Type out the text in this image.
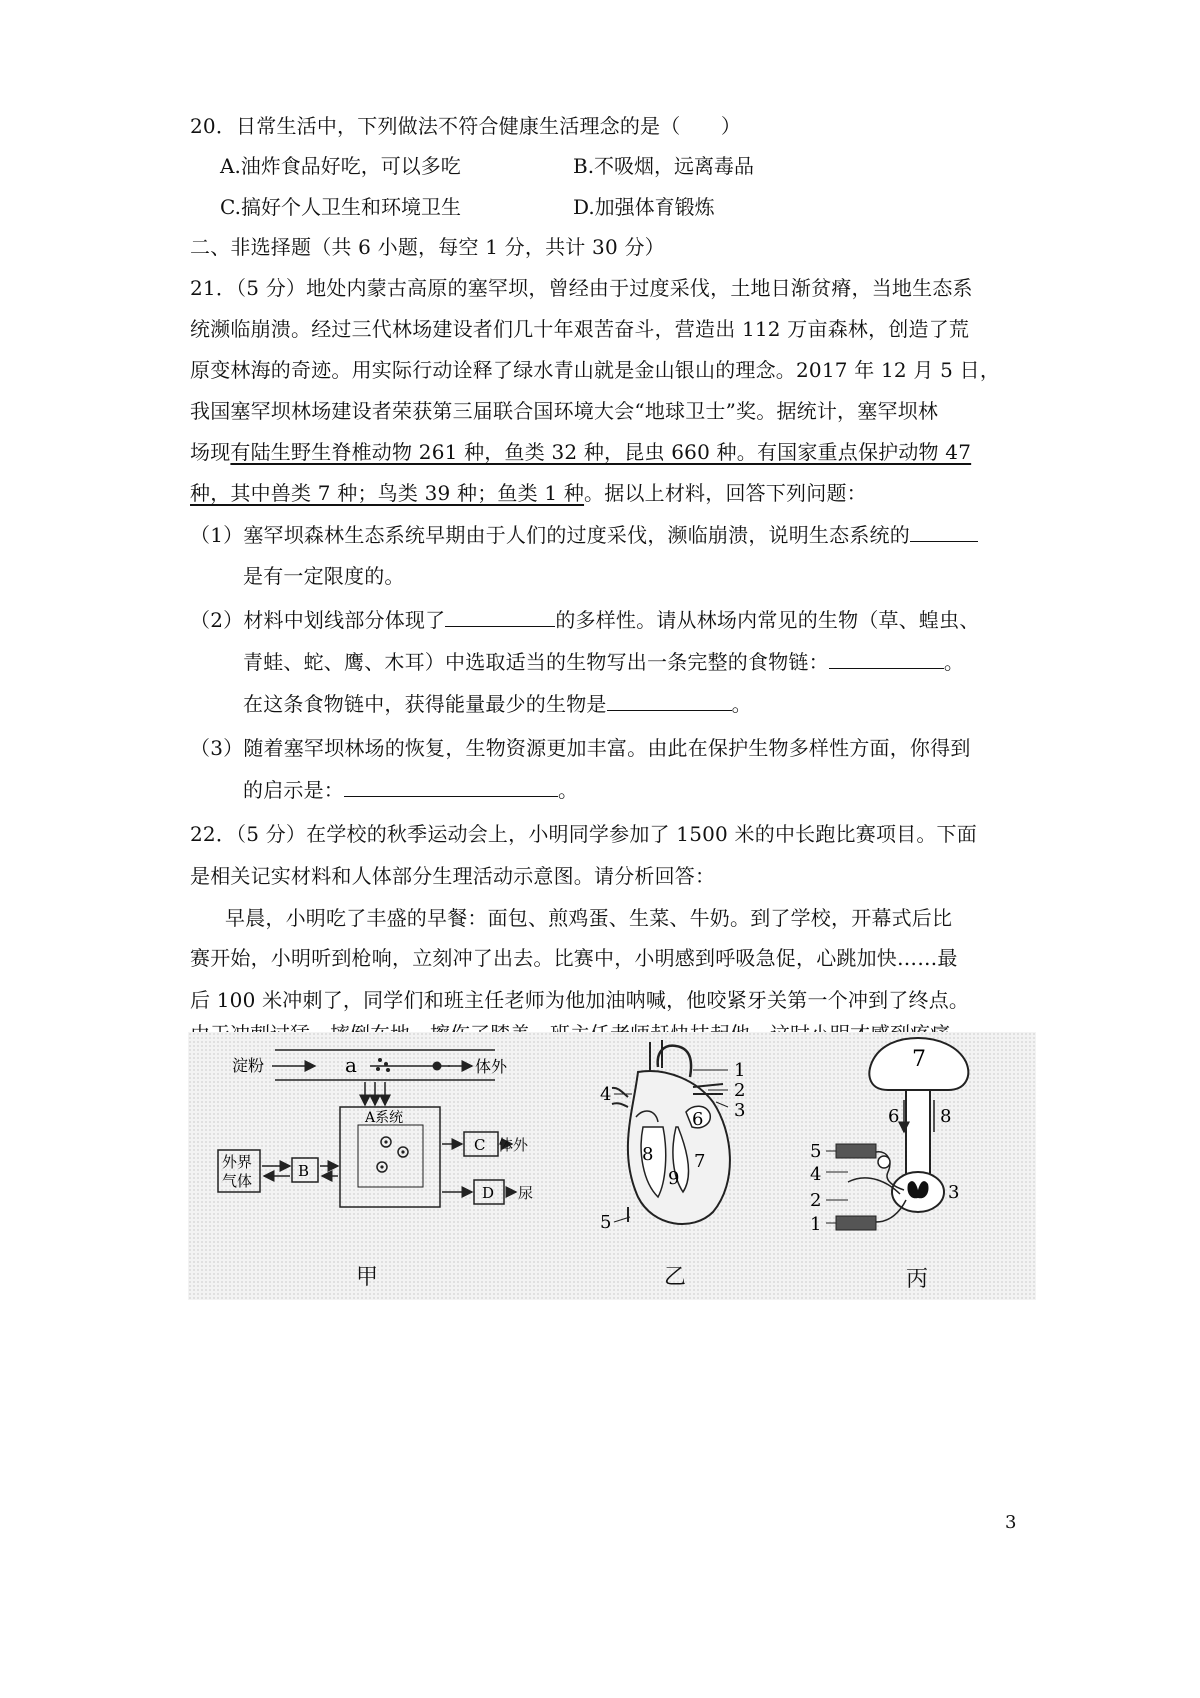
20．日常生活中，下列做法不符合健康生活理念的是（　　）
A.油炸食品好吃，可以多吃	B.不吸烟，远离毒品
C.搞好个人卫生和环境卫生	D.加强体育锻炼
二、非选择题（共 6 小题，每空 1 分，共计 30 分）
21．（5 分）地处内蒙古高原的塞罕坝，曾经由于过度采伐，土地日渐贫瘠，当地生态系
统濒临崩溃。经过三代林场建设者们几十年艰苦奋斗，营造出 112 万亩森林，创造了荒
原变林海的奇迹。用实际行动诠释了绿水青山就是金山银山的理念。2017 年 12 月 5 日，
我国塞罕坝林场建设者荣获第三届联合国环境大会“地球卫士”奖。据统计，塞罕坝林
场现有陆生野生脊椎动物 261 种，鱼类 32 种，昆虫 660 种。有国家重点保护动物 47
种，其中兽类 7 种；鸟类 39 种；鱼类 1 种。据以上材料，回答下列问题：
（1）塞罕坝森林生态系统早期由于人们的过度采伐，濒临崩溃，说明生态系统的
是有一定限度的。
（2）材料中划线部分体现了	的多样性。请从林场内常见的生物（草、蝗虫、
青蛙、蛇、鹰、木耳）中选取适当的生物写出一条完整的食物链：	。
在这条食物链中，获得能量最少的生物是	。
（3）随着塞罕坝林场的恢复，生物资源更加丰富。由此在保护生物多样性方面，你得到
的启示是：	。
22．（5 分）在学校的秋季运动会上，小明同学参加了 1500 米的中长跑比赛项目。下面
是相关记实材料和人体部分生理活动示意图。请分析回答：
早晨，小明吃了丰盛的早餐：面包、煎鸡蛋、生菜、牛奶。到了学校，开幕式后比
赛开始，小明听到枪响，立刻冲了出去。比赛中，小明感到呼吸急促，心跳加快……最
后 100 米冲刺了，同学们和班主任老师为他加油呐喊，他咬紧牙关第一个冲到了终点。
淀粉	a	体外
A系统
外界
气体
B
C
D
甲
体外
尿
1
2
3
4
5
6
7
8
9
乙
1
2	3
4
5
6
7
8
丙
3
